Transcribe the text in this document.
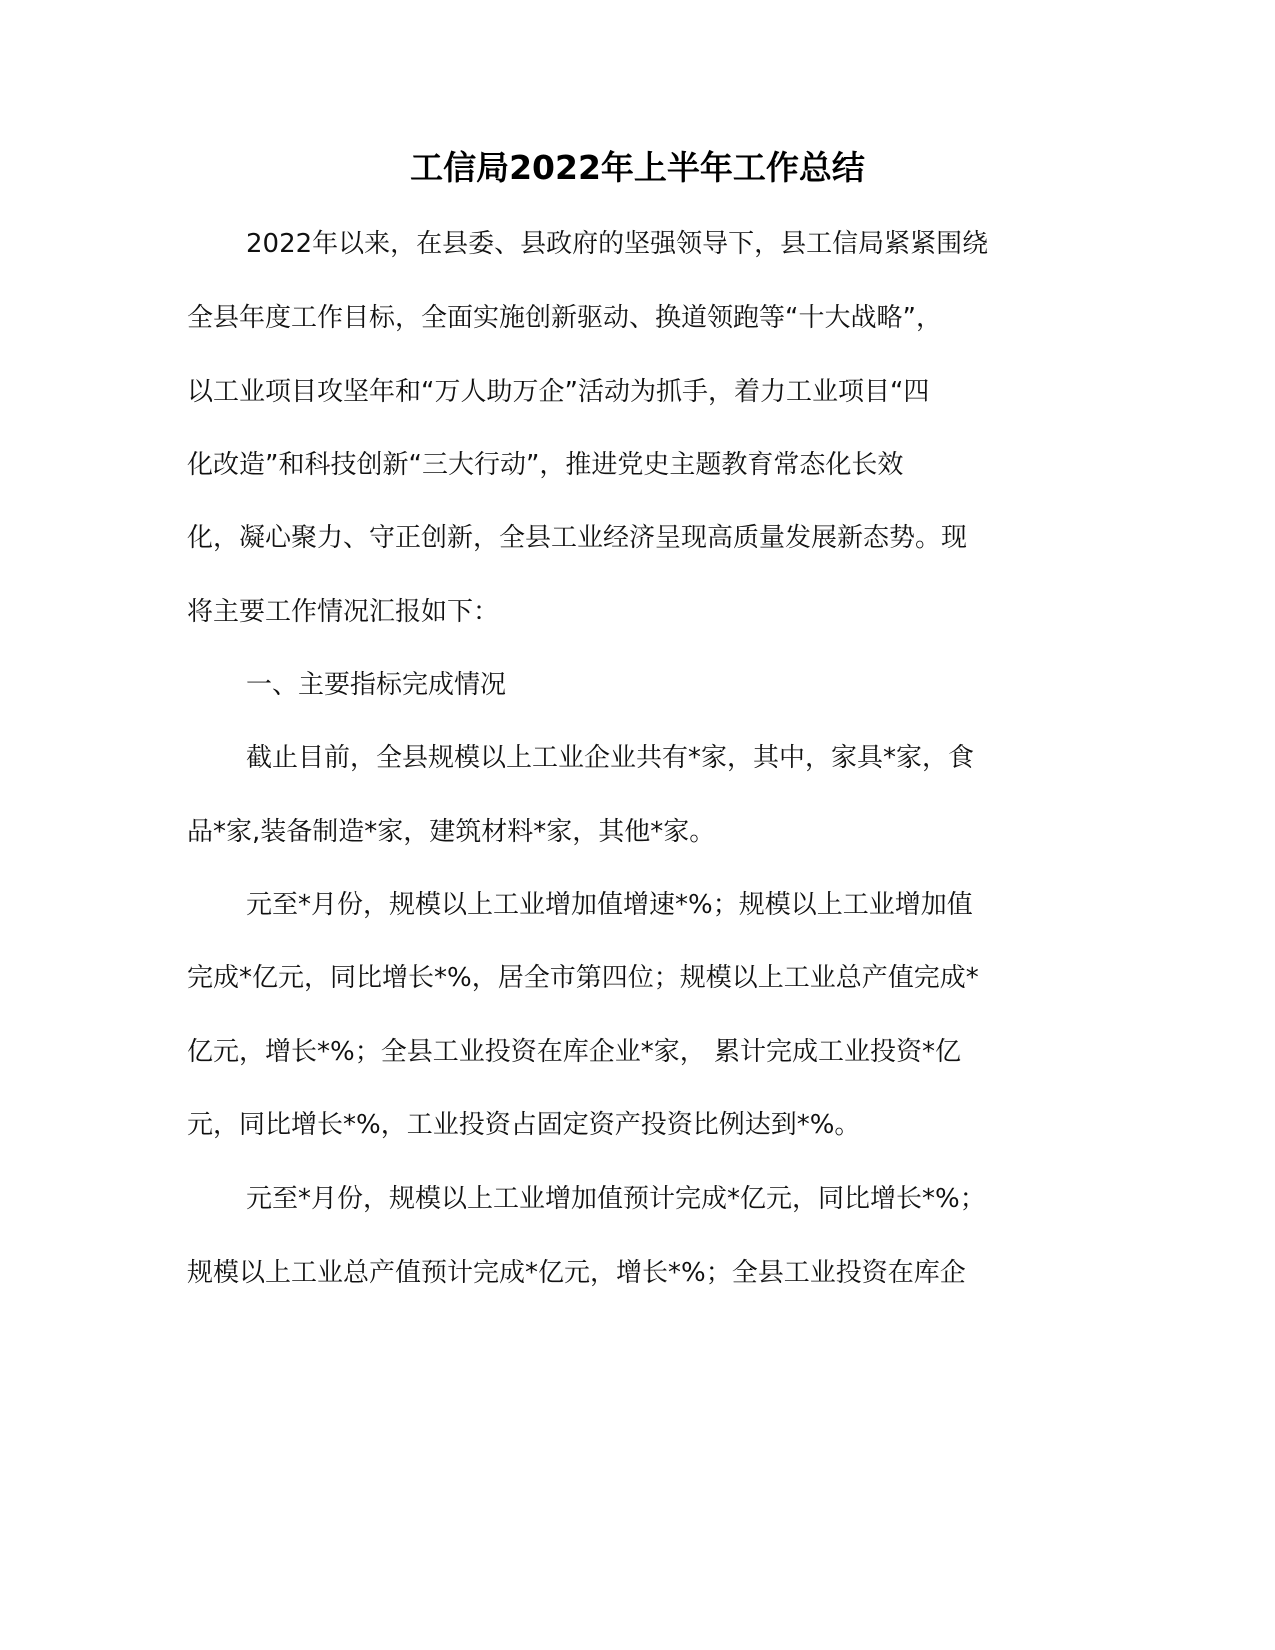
工信局2022年上半年工作总结

2022年以来，在县委、县政府的坚强领导下，县工信局紧紧围绕

全县年度工作目标，全面实施创新驱动、换道领跑等“十大战略”，

以工业项目攻坚年和“万人助万企”活动为抓手，着力工业项目“四

化改造”和科技创新“三大行动”，推进党史主题教育常态化长效

化，凝心聚力、守正创新，全县工业经济呈现高质量发展新态势。现

将主要工作情况汇报如下：

一、主要指标完成情况

截止目前，全县规模以上工业企业共有*家，其中，家具*家，食

品*家,装备制造*家，建筑材料*家，其他*家。

元至*月份，规模以上工业增加值增速*%；规模以上工业增加值

完成*亿元，同比增长*%，居全市第四位；规模以上工业总产值完成*

亿元，增长*%；全县工业投资在库企业*家， 累计完成工业投资*亿

元，同比增长*%，工业投资占固定资产投资比例达到*%。

元至*月份，规模以上工业增加值预计完成*亿元，同比增长*%；

规模以上工业总产值预计完成*亿元，增长*%；全县工业投资在库企
